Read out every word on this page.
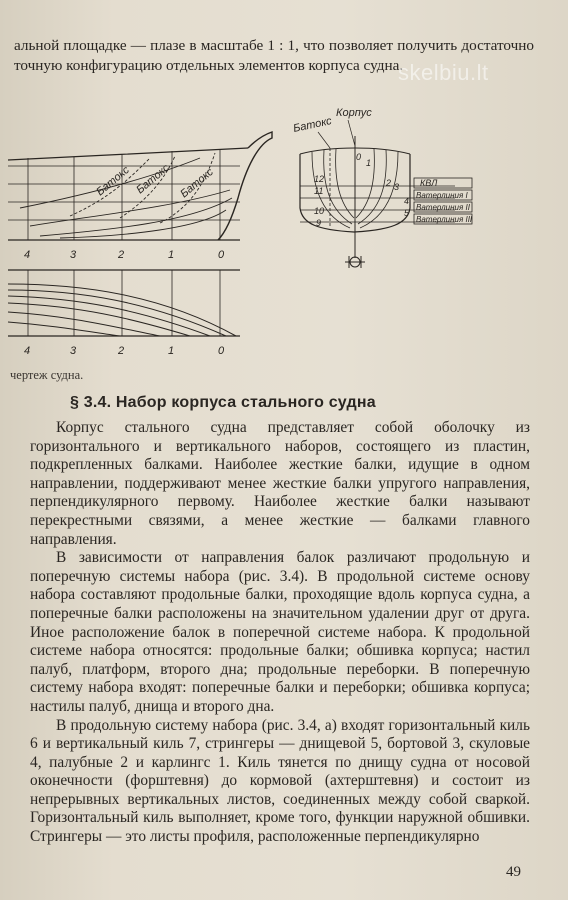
альной площадке — плазе в масштабе 1 : 1, что позволяет получить достаточно точную конфигурацию отдельных элементов корпуса судна.

skelbiu.lt
Батокс Батокс Батокс
4	3	2	1	0
4	3	2	1	0
Корпус
Батокс
КВЛ
Ватерлиния I
Ватерлиния II
Ватерлиния III
12
11
10
9
0
1
2 3
4
5
чертеж судна.
§ 3.4. Набор корпуса стального судна

Корпус стального судна представляет собой оболочку из горизонтального и вертикального наборов, состоящего из пластин, подкрепленных балками. Наиболее жесткие балки, идущие в одном направлении, поддерживают менее жесткие балки упругого направления, перпендикулярного первому. Наиболее жесткие балки называют перекрестными связями, а менее жесткие — балками главного направления.

В зависимости от направления балок различают продольную и поперечную системы набора (рис. 3.4). В продольной системе основу набора составляют продольные балки, проходящие вдоль корпуса судна, а поперечные балки расположены на значительном удалении друг от друга. Иное расположение балок в поперечной системе набора. К продольной системе набора относятся: продольные балки; обшивка корпуса; настил палуб, платформ, второго дна; продольные переборки. В поперечную систему набора входят: поперечные балки и переборки; обшивка корпуса; настилы палуб, днища и второго дна.

В продольную систему набора (рис. 3.4, а) входят горизонтальный киль 6 и вертикальный киль 7, стрингеры — днищевой 5, бортовой 3, скуловые 4, палубные 2 и карлингс 1. Киль тянется по днищу судна от носовой оконечности (форштевня) до кормовой (ахтерштевня) и состоит из непрерывных вертикальных листов, соединенных между собой сваркой. Горизонтальный киль выполняет, кроме того, функции наружной обшивки. Стрингеры — это листы профиля, расположенные перпендикулярно

49
